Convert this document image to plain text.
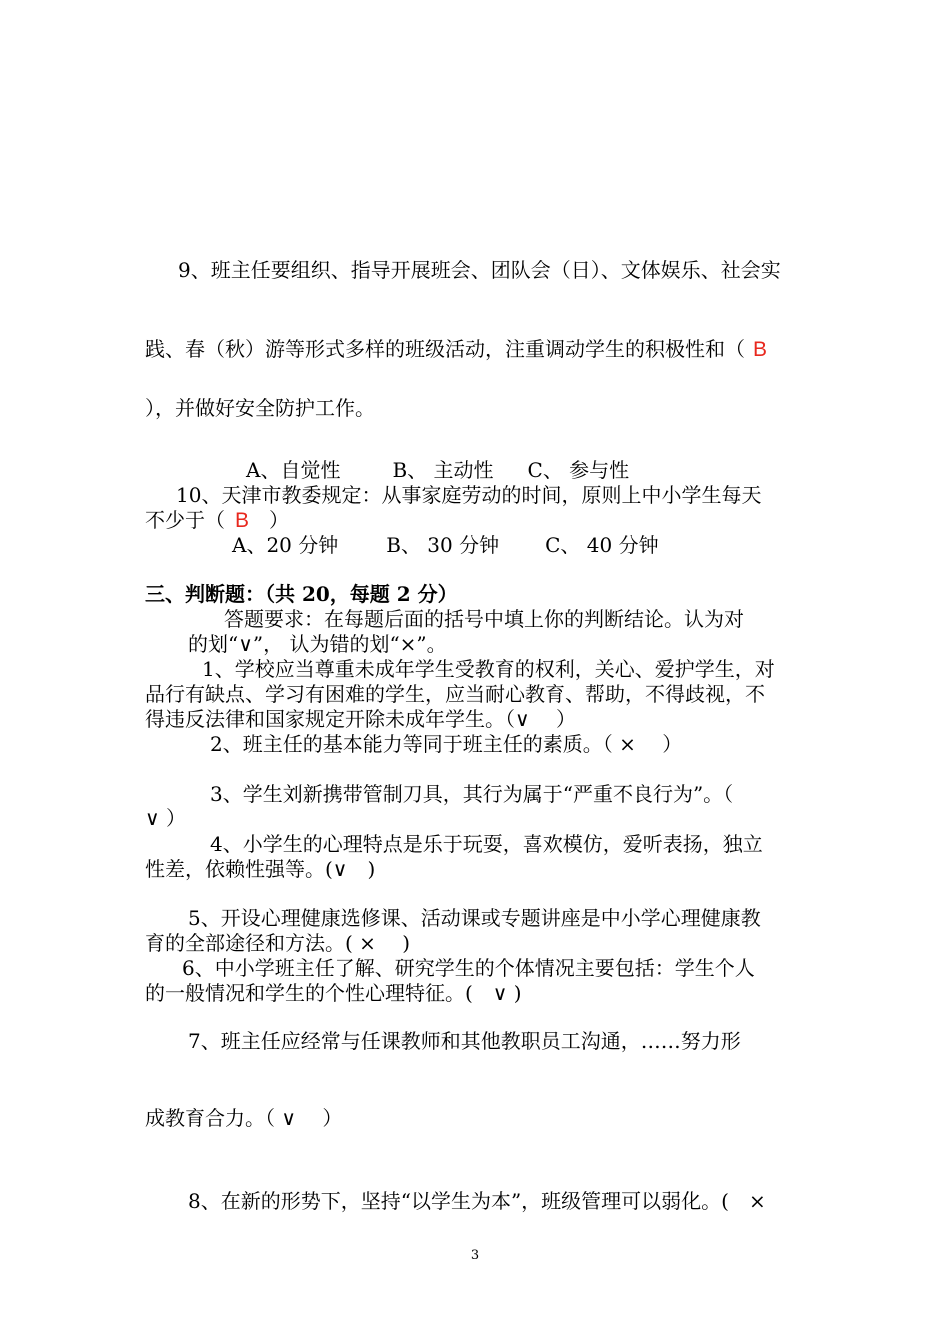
9、班主任要组织、指导开展班会、团队会（日）、文体娱乐、社会实
践、春（秋）游等形式多样的班级活动，注重调动学生的积极性和（ B
），并做好安全防护工作。
A、自觉性	B、 主动性 C、 参与性
10、天津市教委规定：从事家庭劳动的时间，原则上中小学生每天
不少于（ B ）
A、20 分钟 B、 30 分钟 C、 40 分钟
三、判断题：（共 20，每题 2 分）
答题要求：在每题后面的括号中填上你的判断结论。认为对
的划“∨”， 认为错的划“×”。
1、学校应当尊重未成年学生受教育的权利，关心、爱护学生，对
品行有缺点、学习有困难的学生，应当耐心教育、帮助，不得歧视，不
得违反法律和国家规定开除未成年学生。（∨　 ）
2、班主任的基本能力等同于班主任的素质。（ ×　 ）
3、学生刘新携带管制刀具，其行为属于“严重不良行为”。（
∨ ）
4、小学生的心理特点是乐于玩耍，喜欢模仿，爱听表扬，独立
性差，依赖性强等。(∨　)
5、开设心理健康选修课、活动课或专题讲座是中小学心理健康教
育的全部途径和方法。( ×　 )
6、中小学班主任了解、研究学生的个体情况主要包括：学生个人
的一般情况和学生的个性心理特征。(　∨ )
7、班主任应经常与任课教师和其他教职员工沟通，……努力形
成教育合力。（ ∨　 ）
8、在新的形势下，坚持“以学生为本”，班级管理可以弱化。(　×
3
